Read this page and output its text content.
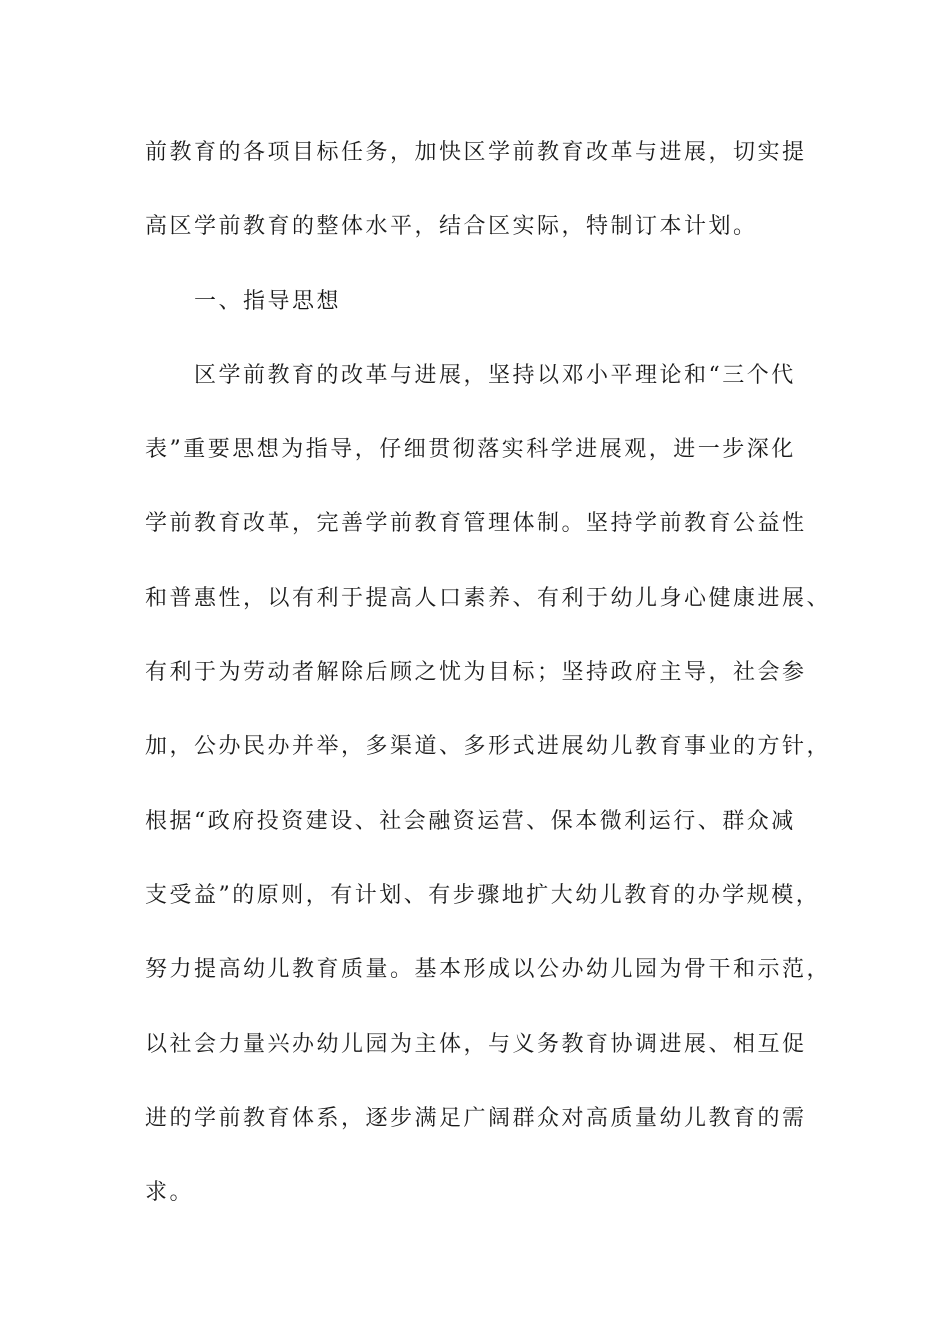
前教育的各项目标任务，加快区学前教育改革与进展，切实提
高区学前教育的整体水平，结合区实际，特制订本计划。
一、指导思想
区学前教育的改革与进展，坚持以邓小平理论和“三个代
表”重要思想为指导，仔细贯彻落实科学进展观，进一步深化
学前教育改革，完善学前教育管理体制。坚持学前教育公益性
和普惠性，以有利于提高人口素养、有利于幼儿身心健康进展、
有利于为劳动者解除后顾之忧为目标；坚持政府主导，社会参
加，公办民办并举，多渠道、多形式进展幼儿教育事业的方针，
根据“政府投资建设、社会融资运营、保本微利运行、群众减
支受益”的原则，有计划、有步骤地扩大幼儿教育的办学规模，
努力提高幼儿教育质量。基本形成以公办幼儿园为骨干和示范，
以社会力量兴办幼儿园为主体，与义务教育协调进展、相互促
进的学前教育体系，逐步满足广阔群众对高质量幼儿教育的需
求。
